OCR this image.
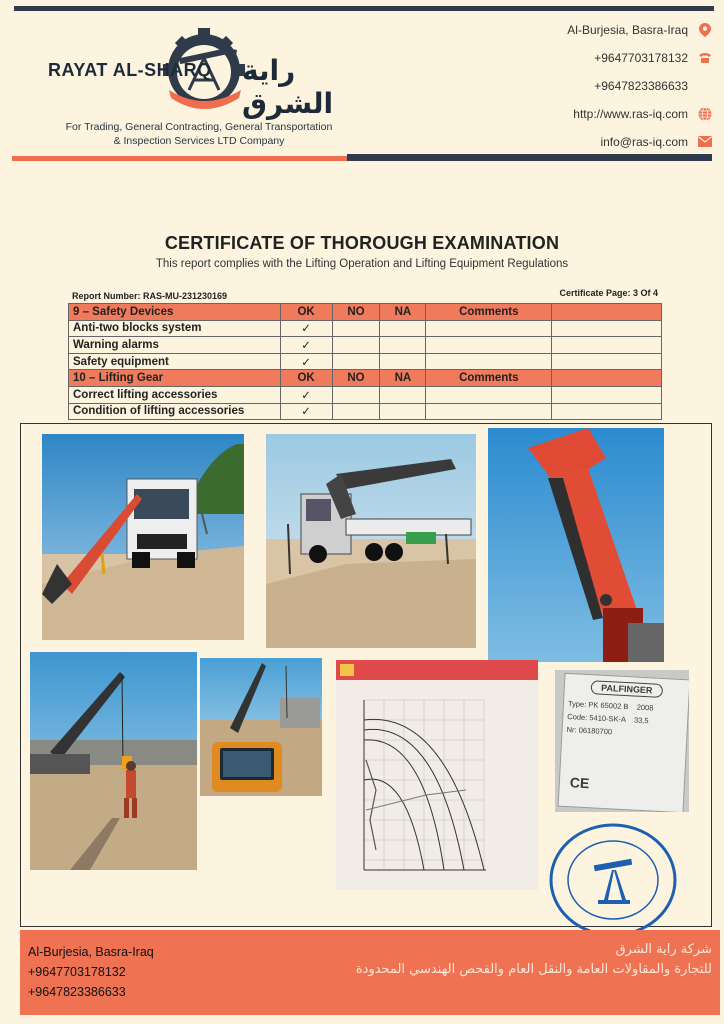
RAYAT AL-SHARQ راية الشرق
For Trading, General Contracting, General Transportation
& Inspection Services LTD Company
Al-Burjesia, Basra-Iraq
+9647703178132
+9647823386633
http://www.ras-iq.com
info@ras-iq.com
CERTIFICATE OF THOROUGH EXAMINATION
This report complies with the Lifting Operation and Lifting Equipment Regulations
Report Number: RAS-MU-231230169	Certificate Page: 3 Of 4
9 – Safety Devices	OK	NO	NA	Comments	
Anti-two blocks system	✓				
Warning alarms	✓				
Safety equipment	✓				
10 – Lifting Gear	OK	NO	NA	Comments	
Correct lifting accessories	✓				
Condition of lifting accessories	✓				
PALFINGER
Type: PK 65002 B 2008
Code: 5410-SK-A 33,5
Nr: 06180700
CE
Al-Burjesia, Basra-Iraq
+9647703178132
+9647823386633
شركة راية الشرق
للتجارة والمقاولات العامة والنقل العام والفحص الهندسي المحدودة
